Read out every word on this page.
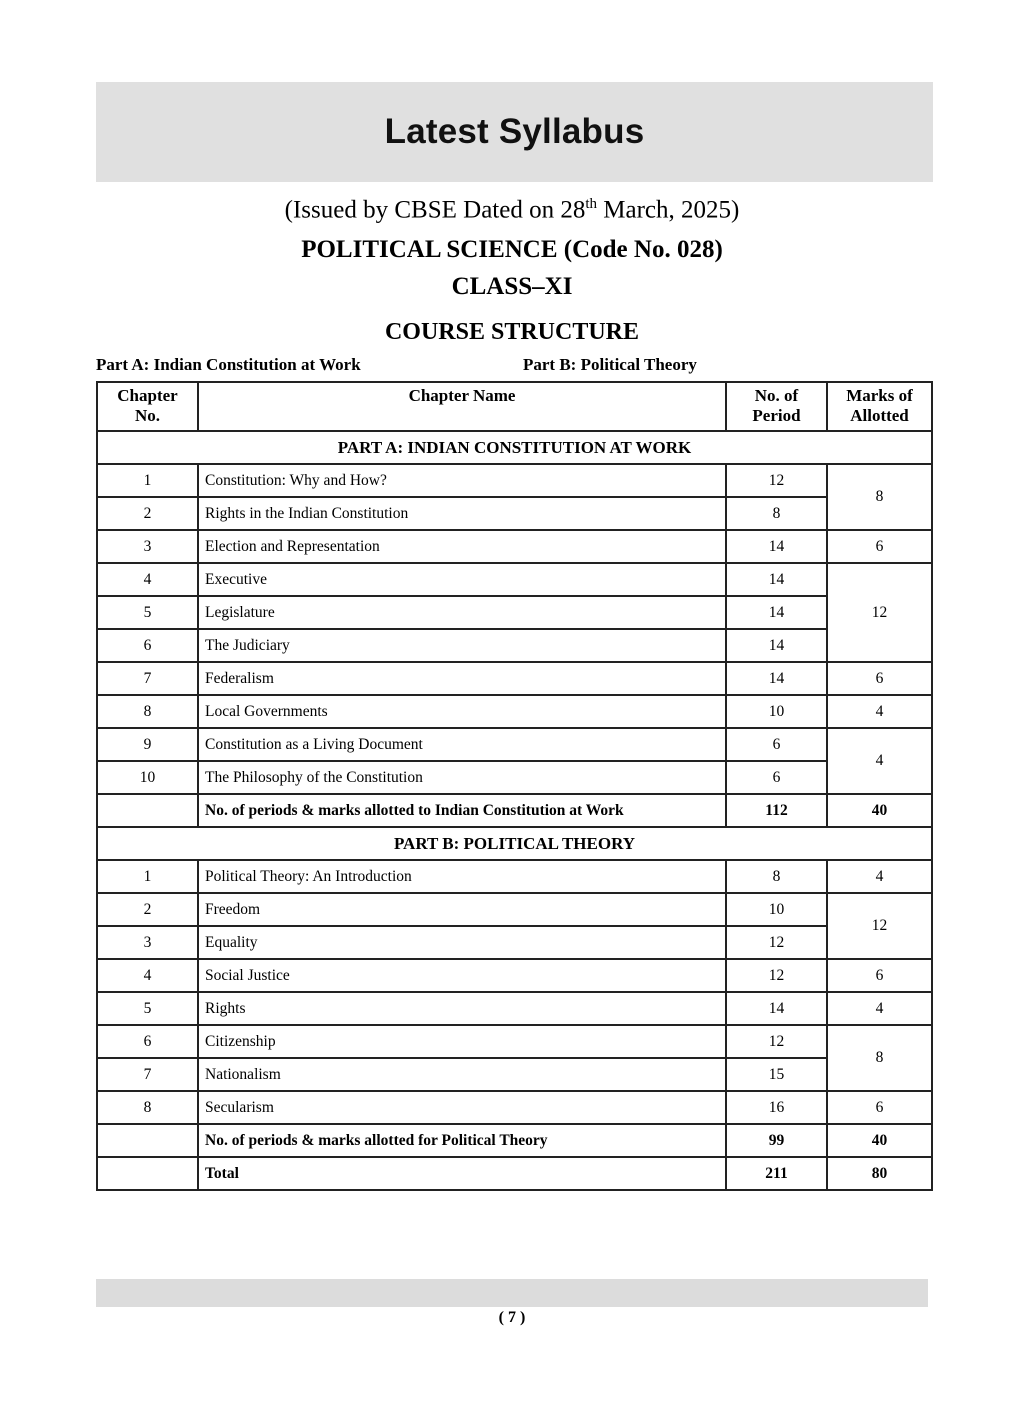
Latest Syllabus
(Issued by CBSE Dated on 28th March, 2025)
POLITICAL SCIENCE (Code No. 028)
CLASS–XI
COURSE STRUCTURE
Part A: Indian Constitution at Work	Part B: Political Theory
Chapter No.	Chapter Name	No. of Period	Marks of Allotted
PART A: INDIAN CONSTITUTION AT WORK			
1	Constitution: Why and How?	12	8
2	Rights in the Indian Constitution	8	
3	Election and Representation	14	6
4	Executive	14	12
5	Legislature	14	
6	The Judiciary	14	
7	Federalism	14	6
8	Local Governments	10	4
9	Constitution as a Living Document	6	4
10	The Philosophy of the Constitution	6	
	No. of periods & marks allotted to Indian Constitution at Work	112	40
PART B: POLITICAL THEORY			
1	Political Theory: An Introduction	8	4
2	Freedom	10	12
3	Equality	12	
4	Social Justice	12	6
5	Rights	14	4
6	Citizenship	12	8
7	Nationalism	15	
8	Secularism	16	6
	No. of periods & marks allotted for Political Theory	99	40
	Total	211	80
( 7 )
